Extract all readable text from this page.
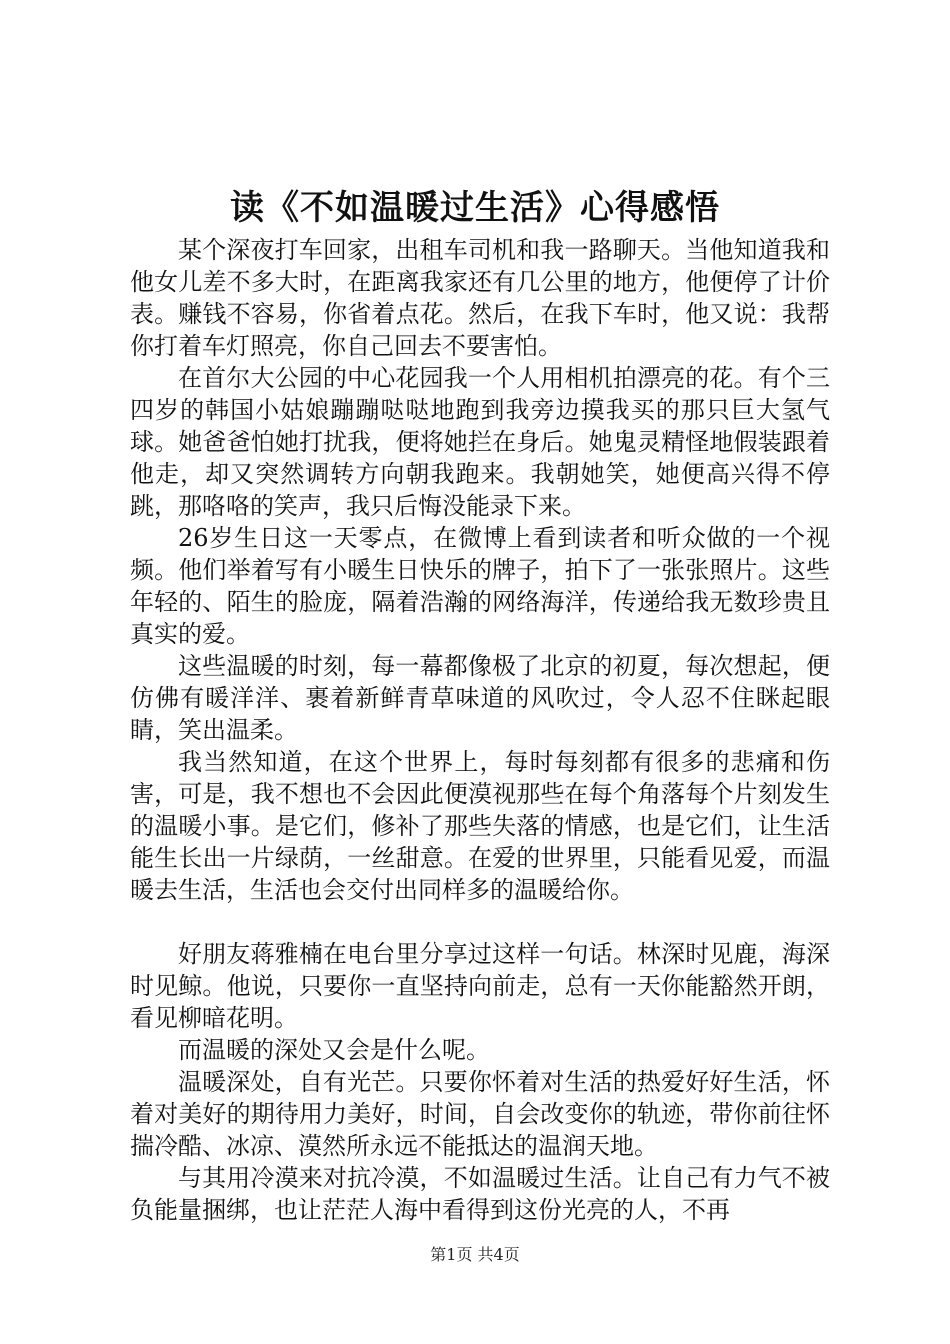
读《不如温暖过生活》心得感悟

某个深夜打车回家，出租车司机和我一路聊天。当他知道我和他女儿差不多大时，在距离我家还有几公里的地方，他便停了计价表。赚钱不容易，你省着点花。然后，在我下车时，他又说：我帮你打着车灯照亮，你自己回去不要害怕。

在首尔大公园的中心花园我一个人用相机拍漂亮的花。有个三四岁的韩国小姑娘蹦蹦哒哒地跑到我旁边摸我买的那只巨大氢气球。她爸爸怕她打扰我，便将她拦在身后。她鬼灵精怪地假装跟着他走，却又突然调转方向朝我跑来。我朝她笑，她便高兴得不停跳，那咯咯的笑声，我只后悔没能录下来。

26岁生日这一天零点，在微博上看到读者和听众做的一个视频。他们举着写有小暖生日快乐的牌子，拍下了一张张照片。这些年轻的、陌生的脸庞，隔着浩瀚的网络海洋，传递给我无数珍贵且真实的爱。

这些温暖的时刻，每一幕都像极了北京的初夏，每次想起，便仿佛有暖洋洋、裹着新鲜青草味道的风吹过，令人忍不住眯起眼睛，笑出温柔。

我当然知道，在这个世界上，每时每刻都有很多的悲痛和伤害，可是，我不想也不会因此便漠视那些在每个角落每个片刻发生的温暖小事。是它们，修补了那些失落的情感，也是它们，让生活能生长出一片绿荫，一丝甜意。在爱的世界里，只能看见爱，而温暖去生活，生活也会交付出同样多的温暖给你。

好朋友蒋雅楠在电台里分享过这样一句话。林深时见鹿，海深时见鲸。他说，只要你一直坚持向前走，总有一天你能豁然开朗，看见柳暗花明。

而温暖的深处又会是什么呢。

温暖深处，自有光芒。只要你怀着对生活的热爱好好生活，怀着对美好的期待用力美好，时间，自会改变你的轨迹，带你前往怀揣冷酷、冰凉、漠然所永远不能抵达的温润天地。

与其用冷漠来对抗冷漠，不如温暖过生活。让自己有力气不被负能量捆绑，也让茫茫人海中看得到这份光亮的人，不再

第1页 共4页
